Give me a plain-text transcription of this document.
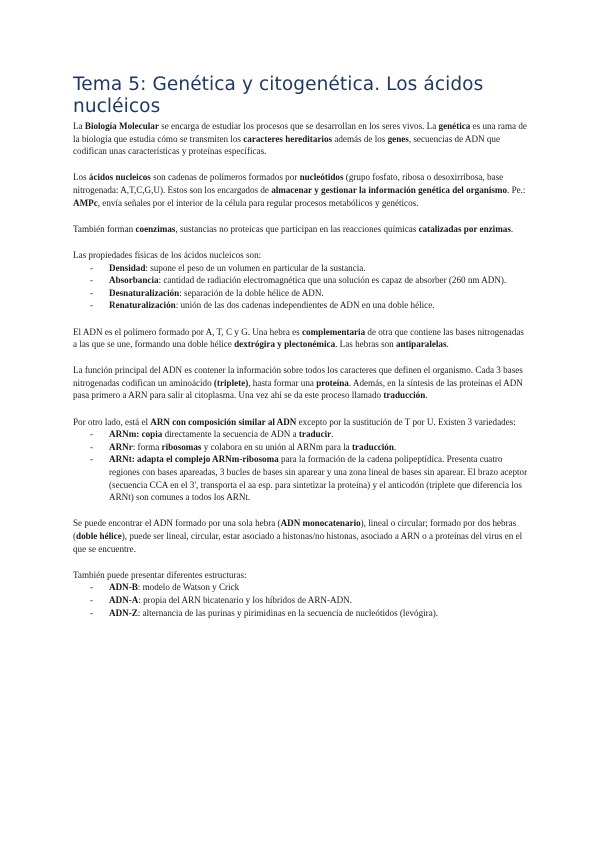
Tema 5: Genética y citogenética. Los ácidos nucléicos

La Biología Molecular se encarga de estudiar los procesos que se desarrollan en los seres vivos. La genética es una rama de la biología que estudia cómo se transmiten los caracteres hereditarios además de los genes, secuencias de ADN que codifican unas características y proteínas específicas.

Los ácidos nucleicos son cadenas de polímeros formados por nucleótidos (grupo fosfato, ribosa o desoxirribosa, base nitrogenada: A,T,C,G,U). Estos son los encargados de almacenar y gestionar la información genética del organismo. Pe.: AMPc, envía señales por el interior de la célula para regular procesos metabólicos y genéticos.

También forman coenzimas, sustancias no proteicas que participan en las reacciones químicas catalizadas por enzimas.

Las propiedades físicas de los ácidos nucleicos son:

- Densidad: supone el peso de un volumen en particular de la sustancia.
- Absorbancia: cantidad de radiación electromagnética que una solución es capaz de absorber (260 nm ADN).
- Desnaturalización: separación de la doble hélice de ADN.
- Renaturalización: unión de las dos cadenas independientes de ADN en una doble hélice.

El ADN es el polímero formado por A, T, C y G. Una hebra es complementaria de otra que contiene las bases nitrogenadas a las que se une, formando una doble hélice dextrógira y plectonémica. Las hebras son antiparalelas.

La función principal del ADN es contener la información sobre todos los caracteres que definen el organismo. Cada 3 bases nitrogenadas codifican un aminoácido (triplete), hasta formar una proteína. Además, en la síntesis de las proteínas el ADN pasa primero a ARN para salir al citoplasma. Una vez ahí se da este proceso llamado traducción.

Por otro lado, está el ARN con composición similar al ADN excepto por la sustitución de T por U. Existen 3 variedades:

- ARNm: copia directamente la secuencia de ADN a traducir.
- ARNr: forma ribosomas y colabora en su unión al ARNm para la traducción.
- ARNt: adapta el complejo ARNm-ribosoma para la formación de la cadena polipeptídica. Presenta cuatro regiones con bases apareadas, 3 bucles de bases sin aparear y una zona lineal de bases sin aparear. El brazo aceptor (secuencia CCA en el 3', transporta el aa esp. para sintetizar la proteína) y el anticodón (triplete que diferencia los ARNt) son comunes a todos los ARNt.

Se puede encontrar el ADN formado por una sola hebra (ADN monocatenario), lineal o circular; formado por dos hebras (doble hélice), puede ser lineal, circular, estar asociado a histonas/no histonas, asociado a ARN o a proteínas del virus en el que se encuentre.

También puede presentar diferentes estructuras:

- ADN-B: modelo de Watson y Crick
- ADN-A: propia del ARN bicatenario y los híbridos de ARN-ADN.
- ADN-Z: alternancia de las purinas y pirimidinas en la secuencia de nucleótidos (levógira).
